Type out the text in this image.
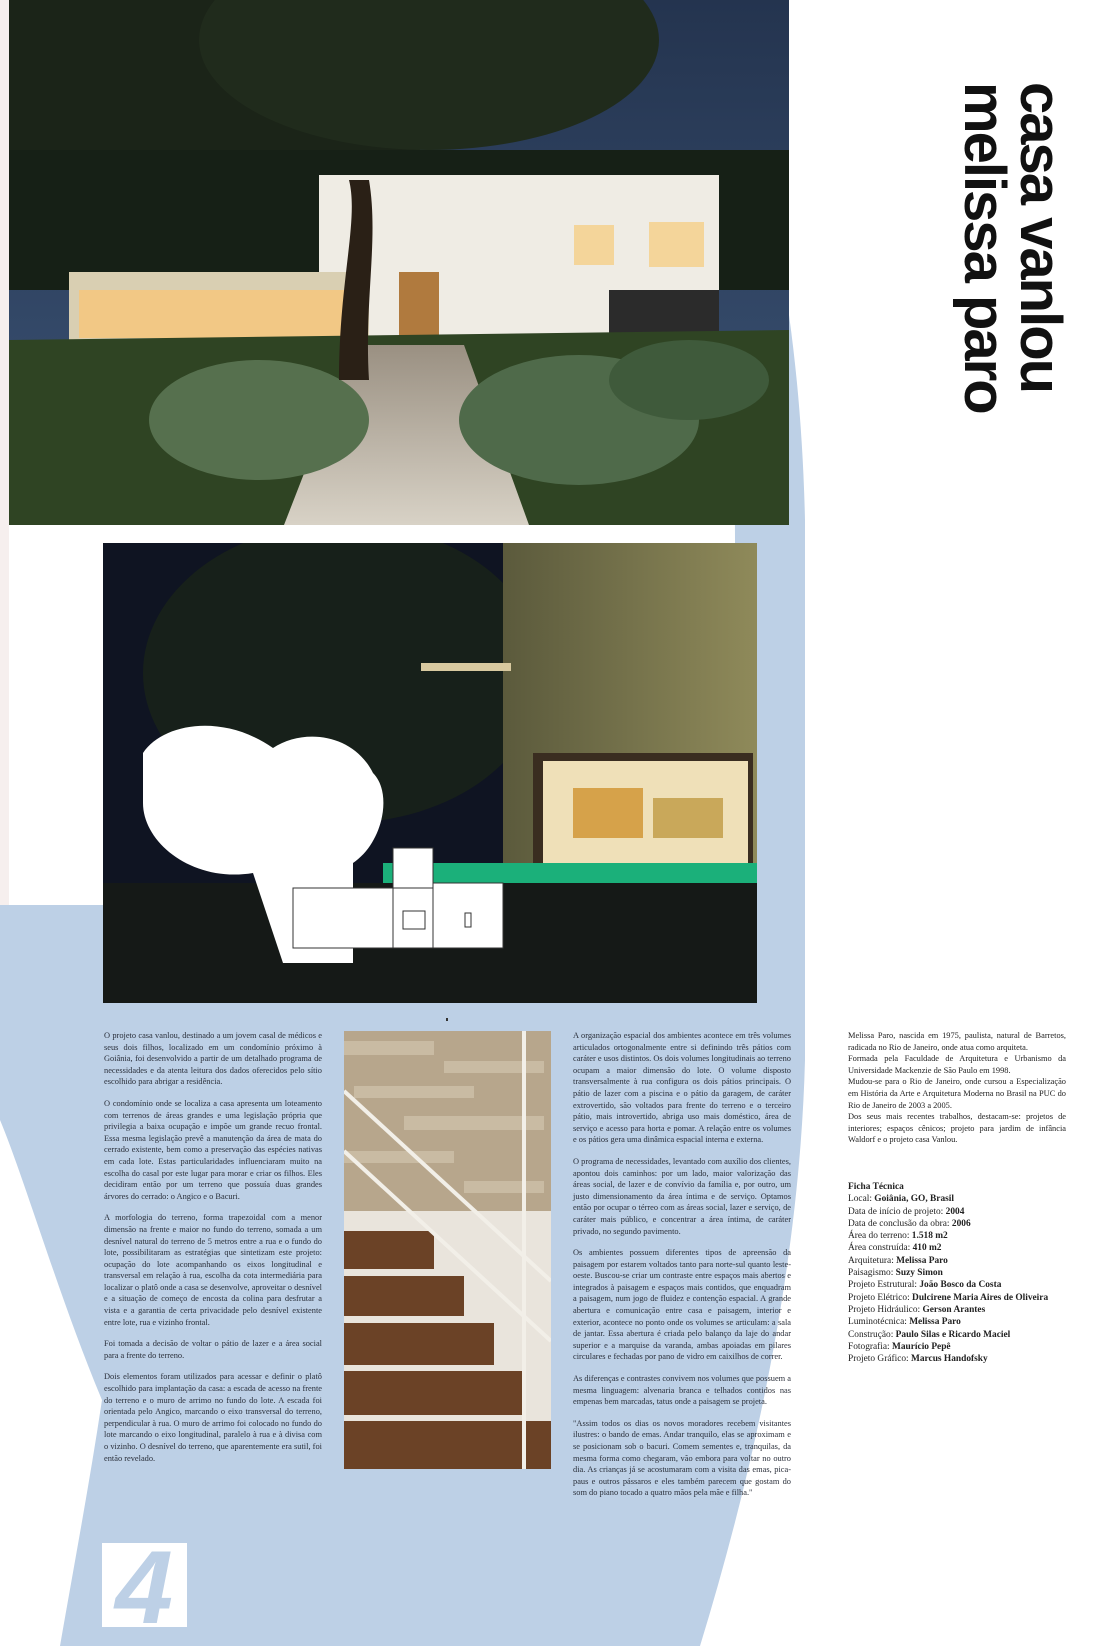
casa vanlou
melissa paro

O projeto casa vanlou, destinado a um jovem casal de médicos e seus dois filhos, localizado em um condomínio próximo à Goiânia, foi desenvolvido a partir de um detalhado programa de necessidades e da atenta leitura dos dados oferecidos pelo sítio escolhido para abrigar a residência.

O condomínio onde se localiza a casa apresenta um loteamento com terrenos de áreas grandes e uma legislação própria que privilegia a baixa ocupação e impõe um grande recuo frontal. Essa mesma legislação prevê a manutenção da área de mata do cerrado existente, bem como a preservação das espécies nativas em cada lote. Estas particularidades influenciaram muito na escolha do casal por este lugar para morar e criar os filhos. Eles decidiram então por um terreno que possuía duas grandes árvores do cerrado: o Angico e o Bacuri.

A morfologia do terreno, forma trapezoidal com a menor dimensão na frente e maior no fundo do terreno, somada a um desnível natural do terreno de 5 metros entre a rua e o fundo do lote, possibilitaram as estratégias que sintetizam este projeto: ocupação do lote acompanhando os eixos longitudinal e transversal em relação à rua, escolha da cota intermediária para localizar o platô onde a casa se desenvolve, aproveitar o desnível e a situação de começo de encosta da colina para desfrutar a vista e a garantia de certa privacidade pelo desnível existente entre lote, rua e vizinho frontal.

Foi tomada a decisão de voltar o pátio de lazer e a área social para a frente do terreno.

Dois elementos foram utilizados para acessar e definir o platô escolhido para implantação da casa: a escada de acesso na frente do terreno e o muro de arrimo no fundo do lote. A escada foi orientada pelo Angico, marcando o eixo transversal do terreno, perpendicular à rua. O muro de arrimo foi colocado no fundo do lote marcando o eixo longitudinal, paralelo à rua e à divisa com o vizinho. O desnível do terreno, que aparentemente era sutil, foi então revelado.

A organização espacial dos ambientes acontece em três volumes articulados ortogonalmente entre si definindo três pátios com caráter e usos distintos. Os dois volumes longitudinais ao terreno ocupam a maior dimensão do lote. O volume disposto transversalmente à rua configura os dois pátios principais. O pátio de lazer com a piscina e o pátio da garagem, de caráter extrovertido, são voltados para frente do terreno e o terceiro pátio, mais introvertido, abriga uso mais doméstico, área de serviço e acesso para horta e pomar. A relação entre os volumes e os pátios gera uma dinâmica espacial interna e externa.

O programa de necessidades, levantado com auxílio dos clientes, apontou dois caminhos: por um lado, maior valorização das áreas social, de lazer e de convívio da família e, por outro, um justo dimensionamento da área íntima e de serviço. Optamos então por ocupar o térreo com as áreas social, lazer e serviço, de caráter mais público, e concentrar a área íntima, de caráter privado, no segundo pavimento.

Os ambientes possuem diferentes tipos de apreensão da paisagem por estarem voltados tanto para norte-sul quanto leste-oeste. Buscou-se criar um contraste entre espaços mais abertos e integrados à paisagem e espaços mais contidos, que enquadram a paisagem, num jogo de fluidez e contenção espacial. A grande abertura e comunicação entre casa e paisagem, interior e exterior, acontece no ponto onde os volumes se articulam: a sala de jantar. Essa abertura é criada pelo balanço da laje do andar superior e a marquise da varanda, ambas apoiadas em pilares circulares e fechadas por pano de vidro em caixilhos de correr.

As diferenças e contrastes convivem nos volumes que possuem a mesma linguagem: alvenaria branca e telhados contidos nas empenas bem marcadas, tatus onde a paisagem se projeta.

"Assim todos os dias os novos moradores recebem visitantes ilustres: o bando de emas. Andar tranquilo, elas se aproximam e se posicionam sob o bacuri. Comem sementes e, tranquilas, da mesma forma como chegaram, vão embora para voltar no outro dia. As crianças já se acostumaram com a visita das emas, pica-paus e outros pássaros e eles também parecem que gostam do som do piano tocado a quatro mãos pela mãe e filha."

Melissa Paro, nascida em 1975, paulista, natural de Barretos, radicada no Rio de Janeiro, onde atua como arquiteta.

Formada pela Faculdade de Arquitetura e Urbanismo da Universidade Mackenzie de São Paulo em 1998.

Mudou-se para o Rio de Janeiro, onde cursou a Especialização em História da Arte e Arquitetura Moderna no Brasil na PUC do Rio de Janeiro de 2003 a 2005.

Dos seus mais recentes trabalhos, destacam-se: projetos de interiores; espaços cênicos; projeto para jardim de infância Waldorf e o projeto casa Vanlou.

Ficha Técnica
Local: Goiânia, GO, Brasil
Data de início de projeto: 2004
Data de conclusão da obra: 2006
Área do terreno: 1.518 m2
Área construída: 410 m2
Arquitetura: Melissa Paro
Paisagismo: Suzy Simon
Projeto Estrutural: João Bosco da Costa
Projeto Elétrico: Dulcirene Maria Aires de Oliveira
Projeto Hidráulico: Gerson Arantes
Luminotécnica: Melissa Paro
Construção: Paulo Silas e Ricardo Maciel
Fotografia: Maurício Pepê
Projeto Gráfico: Marcus Handofsky
4
